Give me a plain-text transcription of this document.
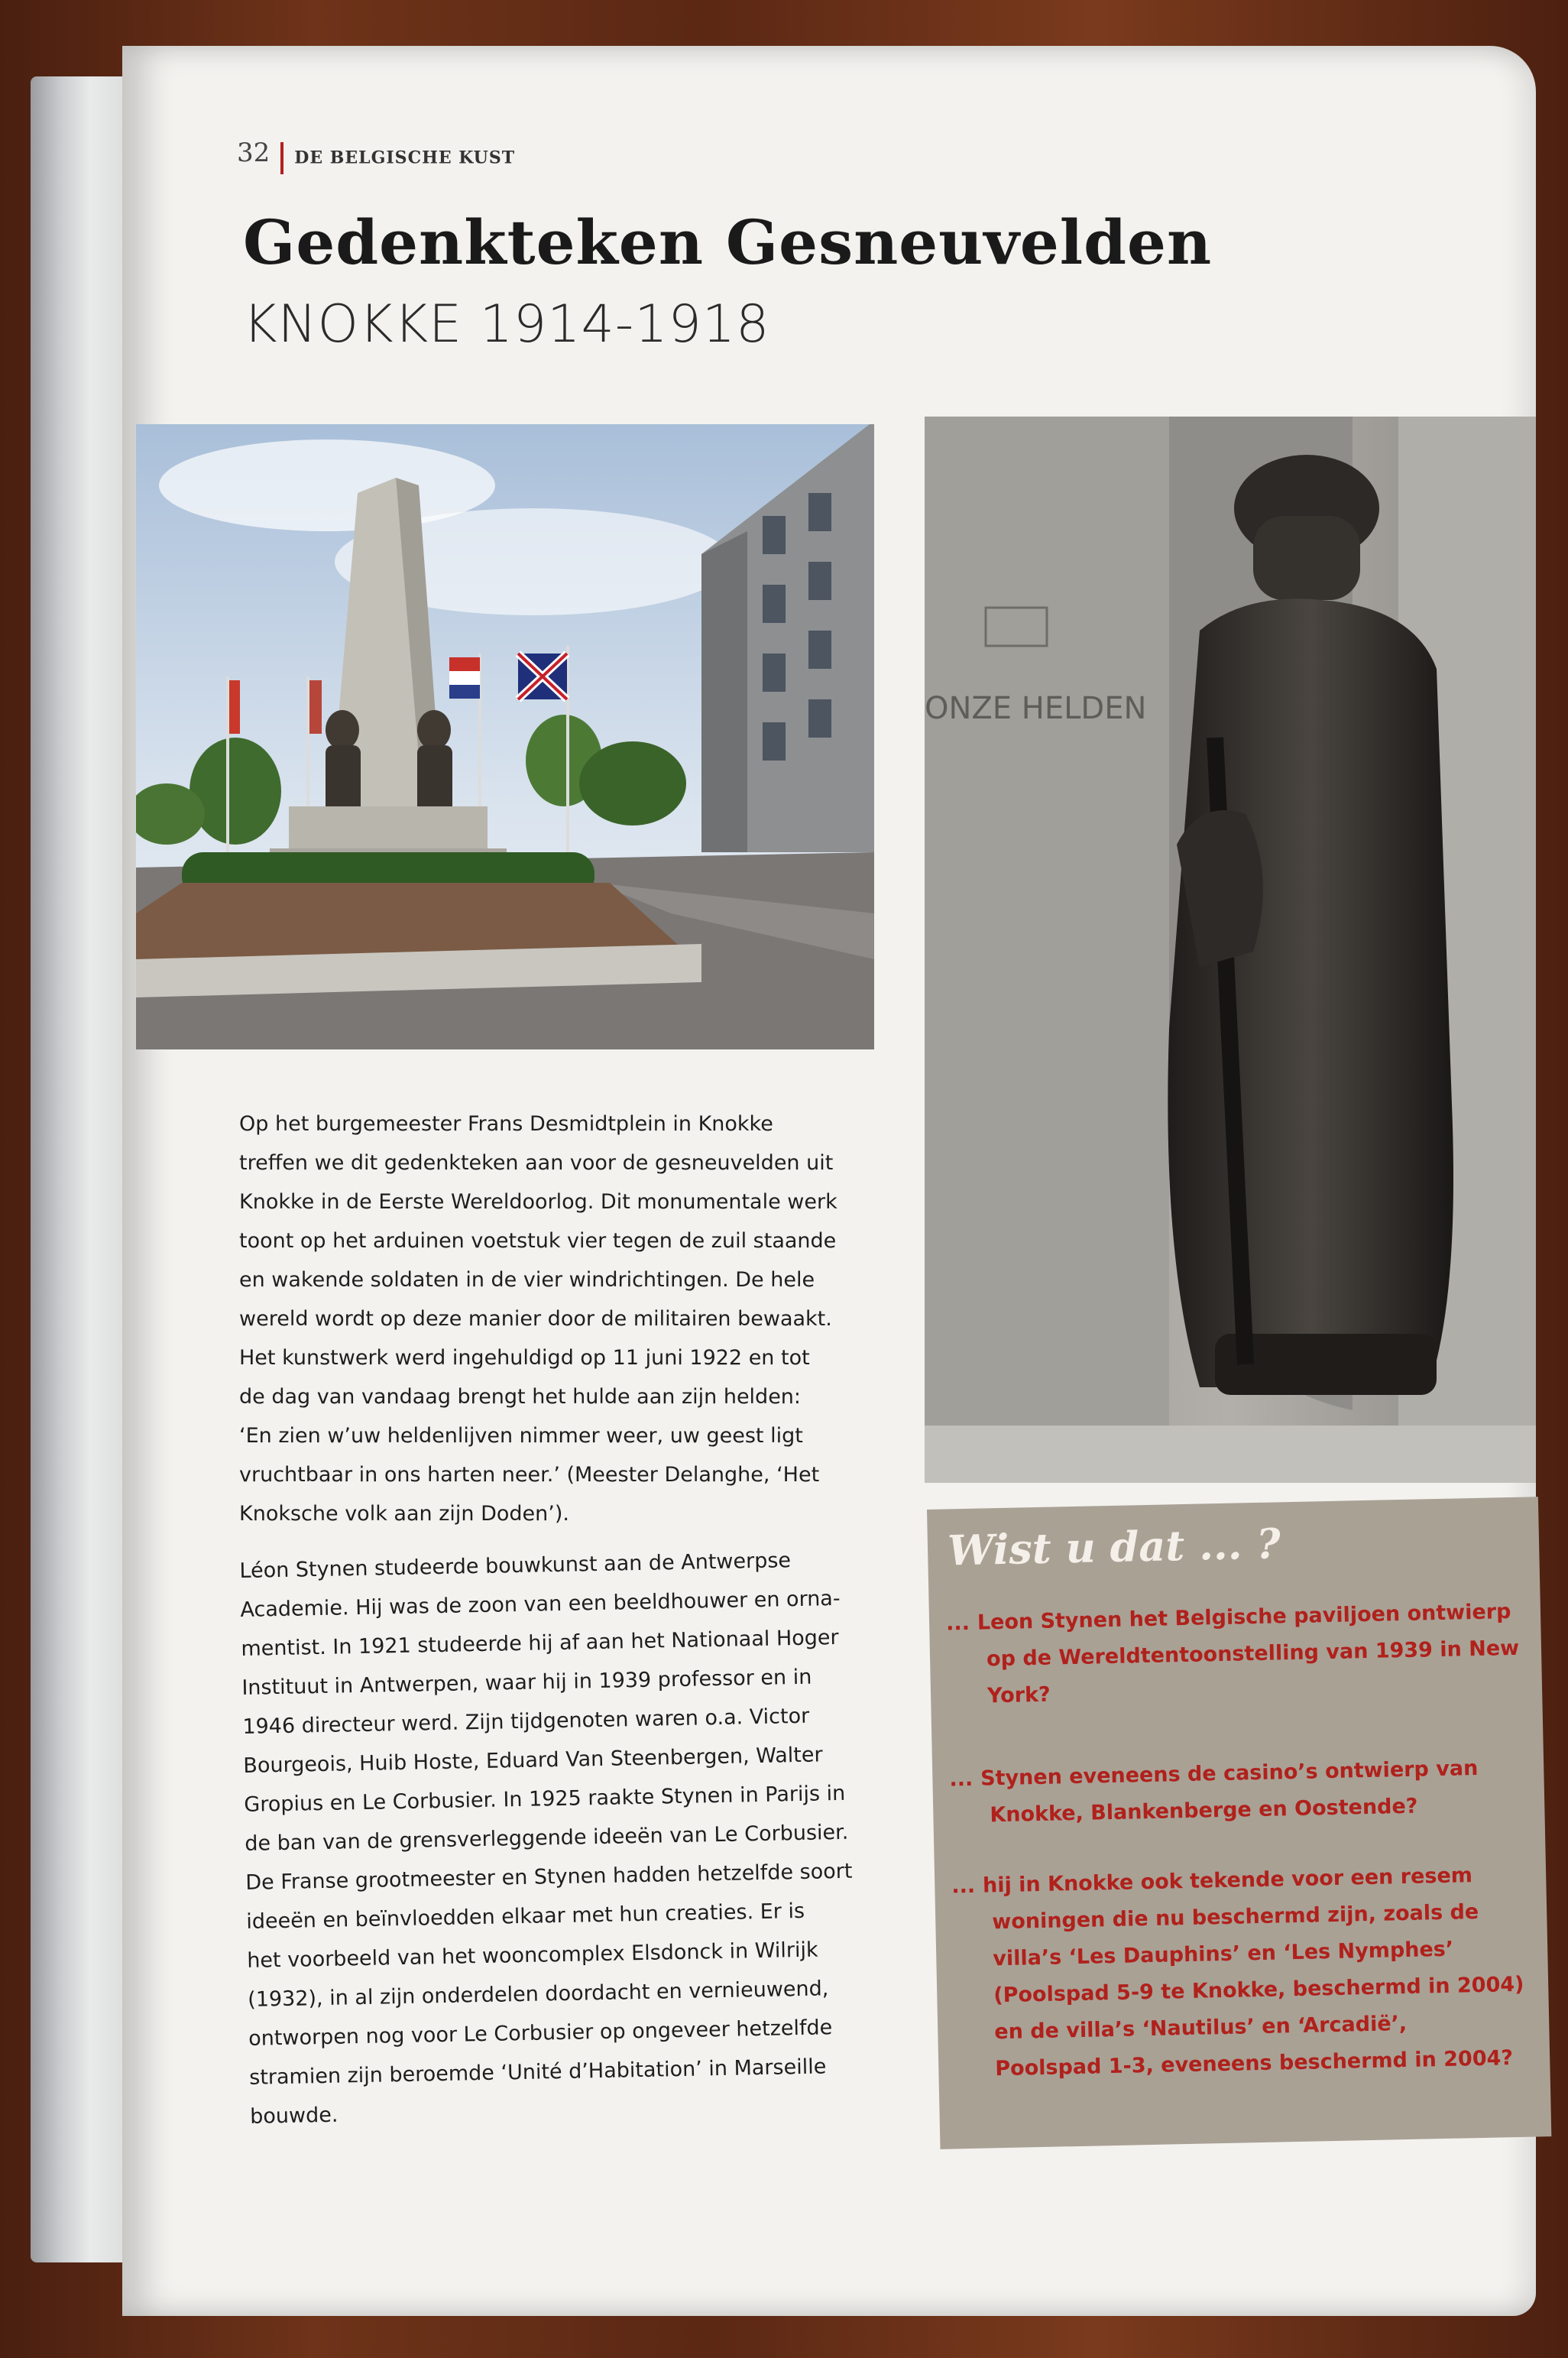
32 DE BELGISCHE KUST
Gedenkteken Gesneuvelden
KNOKKE 1914-1918
ONZE HELDEN
Op het burgemeester Frans Desmidtplein in Knokke
treffen we dit gedenkteken aan voor de gesneuvelden uit
Knokke in de Eerste Wereldoorlog. Dit monumentale werk
toont op het arduinen voetstuk vier tegen de zuil staande
en wakende soldaten in de vier windrichtingen. De hele
wereld wordt op deze manier door de militairen bewaakt.
Het kunstwerk werd ingehuldigd op 11 juni 1922 en tot
de dag van vandaag brengt het hulde aan zijn helden:
‘En zien w’uw heldenlijven nimmer weer, uw geest ligt
vruchtbaar in ons harten neer.’ (Meester Delanghe, ‘Het
Knoksche volk aan zijn Doden’).
Léon Stynen studeerde bouwkunst aan de Antwerpse
Academie. Hij was de zoon van een beeldhouwer en orna-
mentist. In 1921 studeerde hij af aan het Nationaal Hoger
Instituut in Antwerpen, waar hij in 1939 professor en in
1946 directeur werd. Zijn tijdgenoten waren o.a. Victor
Bourgeois, Huib Hoste, Eduard Van Steenbergen, Walter
Gropius en Le Corbusier. In 1925 raakte Stynen in Parijs in
de ban van de grensverleggende ideeën van Le Corbusier.
De Franse grootmeester en Stynen hadden hetzelfde soort
ideeën en beïnvloedden elkaar met hun creaties. Er is
het voorbeeld van het wooncomplex Elsdonck in Wilrijk
(1932), in al zijn onderdelen doordacht en vernieuwend,
ontworpen nog voor Le Corbusier op ongeveer hetzelfde
stramien zijn beroemde ‘Unité d’Habitation’ in Marseille
bouwde.
Wist u dat ... ?
... Leon Stynen het Belgische paviljoen ontwierp
op de Wereldtentoonstelling van 1939 in New
York?
... Stynen eveneens de casino’s ontwierp van
Knokke, Blankenberge en Oostende?
... hij in Knokke ook tekende voor een resem
woningen die nu beschermd zijn, zoals de
villa’s ‘Les Dauphins’ en ‘Les Nymphes’
(Poolspad 5-9 te Knokke, beschermd in 2004)
en de villa’s ‘Nautilus’ en ‘Arcadië’,
Poolspad 1-3, eveneens beschermd in 2004?
